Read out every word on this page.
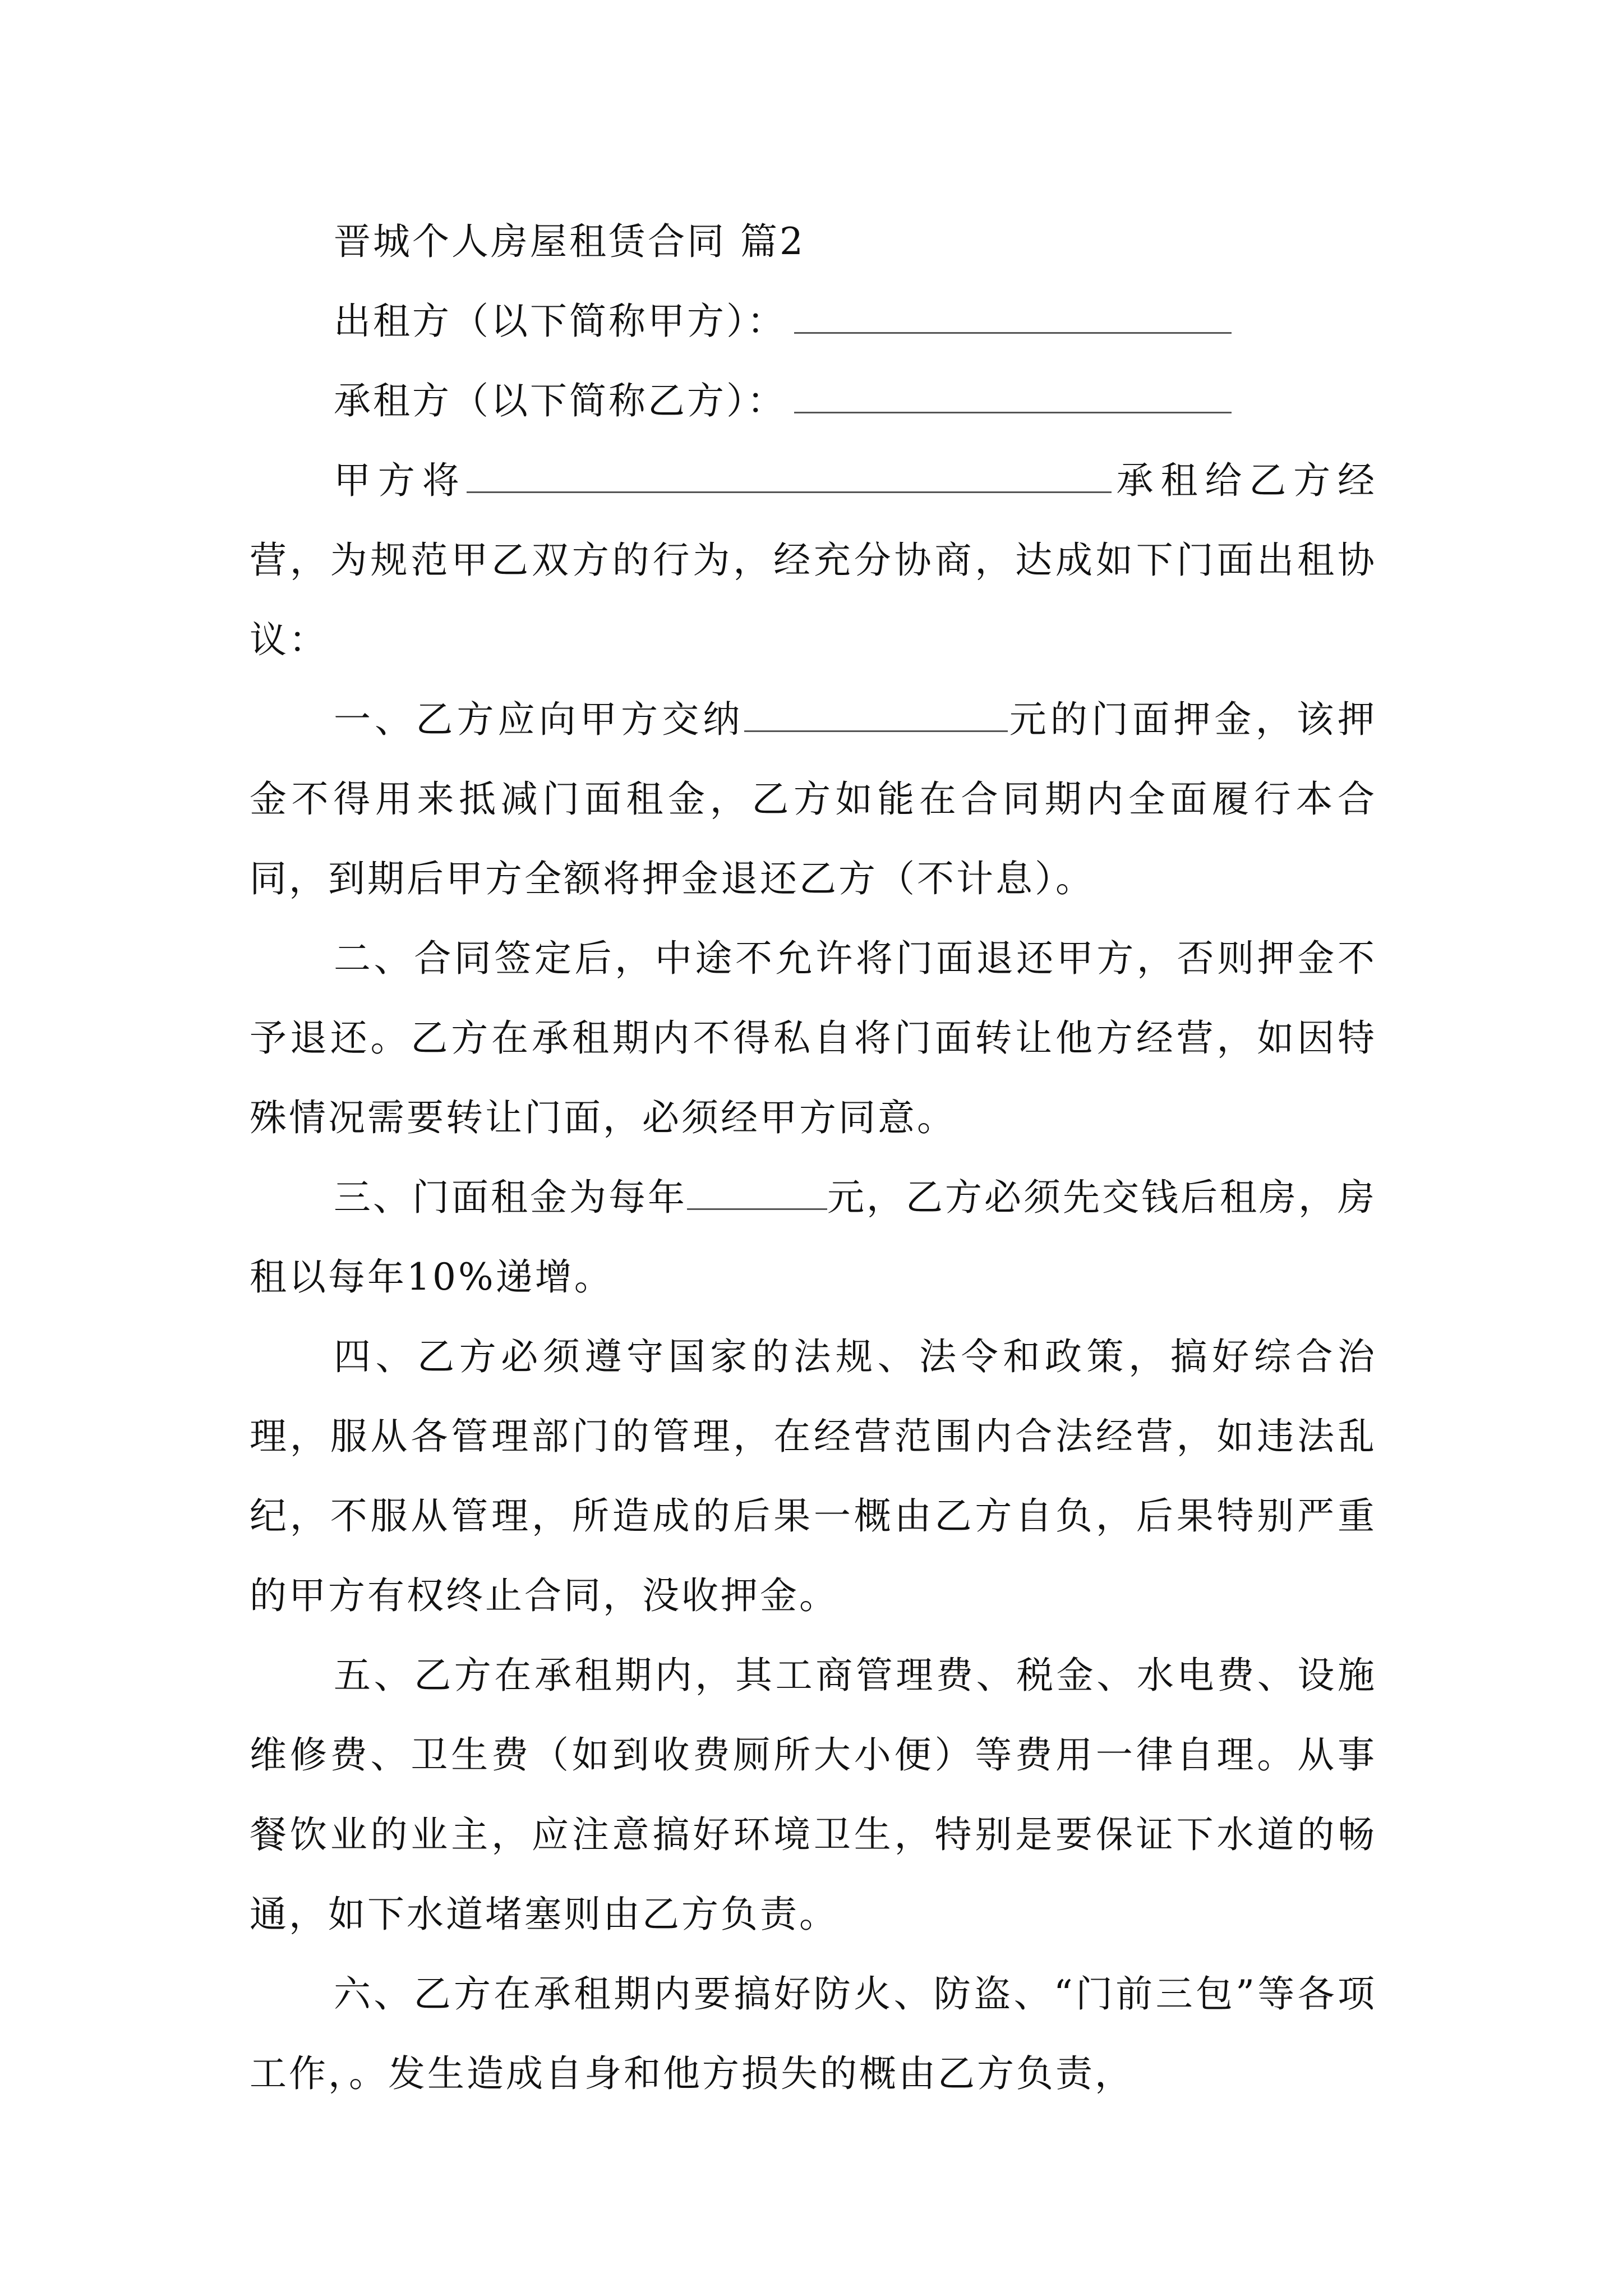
晋城个人房屋租赁合同 篇2
出租方（以下简称甲方）：
承租方（以下简称乙方）：

甲方将	承租给乙方经营，为规范甲乙双方的行为，经充分协商，达成如下门面出租协议：

一、乙方应向甲方交纳	元的门面押金，该押金不得用来抵减门面租金，乙方如能在合同期内全面履行本合同，到期后甲方全额将押金退还乙方（不计息）。

二、合同签定后，中途不允许将门面退还甲方，否则押金不予退还。乙方在承租期内不得私自将门面转让他方经营，如因特殊情况需要转让门面，必须经甲方同意。

三、门面租金为每年	元，乙方必须先交钱后租房，房租以每年10%递增。

四、乙方必须遵守国家的法规、法令和政策，搞好综合治理，服从各管理部门的管理，在经营范围内合法经营，如违法乱纪，不服从管理，所造成的后果一概由乙方自负，后果特别严重的甲方有权终止合同，没收押金。

五、乙方在承租期内，其工商管理费、税金、水电费、设施维修费、卫生费（如到收费厕所大小便）等费用一律自理。从事餐饮业的业主，应注意搞好环境卫生，特别是要保证下水道的畅通，如下水道堵塞则由乙方负责。

六、乙方在承租期内要搞好防火、防盗、“门前三包”等各项工作，。发生造成自身和他方损失的概由乙方负责，
